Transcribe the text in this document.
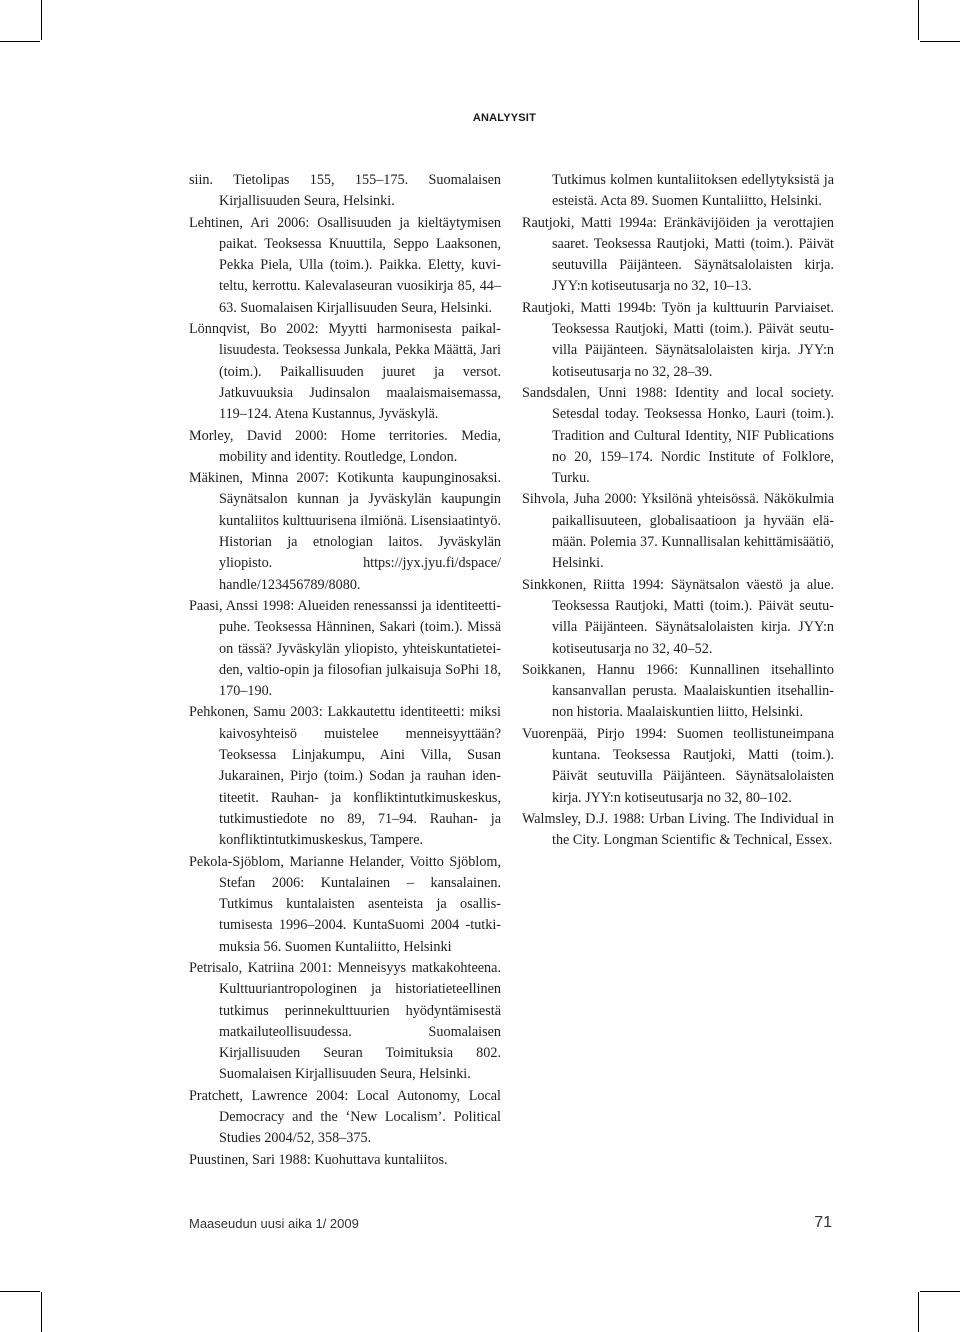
ANALYYSIT

siin. Tietolipas 155, 155–175. Suomalaisen Kirjallisuuden Seura, Helsinki.

Lehtinen, Ari 2006: Osallisuuden ja kieltäytymisen paikat. Teoksessa Knuuttila, Seppo Laaksonen, Pekka Piela, Ulla (toim.). Paikka. Eletty, kuviteltu, kerrottu. Kalevalaseuran vuosikirja 85, 44–63. Suomalaisen Kirjallisuuden Seura, Helsinki.

Lönnqvist, Bo 2002: Myytti harmonisesta paikallisuudesta. Teoksessa Junkala, Pekka Määttä, Jari (toim.). Paikallisuuden juuret ja versot. Jatkuvuuksia Judinsalon maalaismaisemassa, 119–124. Atena Kustannus, Jyväskylä.

Morley, David 2000: Home territories. Media, mobility and identity. Routledge, London.

Mäkinen, Minna 2007: Kotikunta kaupunginosaksi. Säynätsalon kunnan ja Jyväskylän kaupungin kuntaliitos kulttuurisena ilmiönä. Lisensiaatintyö. Historian ja etnologian laitos. Jyväskylän yliopisto. https://jyx.jyu.fi/dspace/ handle/123456789/8080.

Paasi, Anssi 1998: Alueiden renessanssi ja identiteettipuhe. Teoksessa Hänninen, Sakari (toim.). Missä on tässä? Jyväskylän yliopisto, yhteiskuntatieteiden, valtio-opin ja filosofian julkaisuja SoPhi 18, 170–190.

Pehkonen, Samu 2003: Lakkautettu identiteetti: miksi kaivosyhteisö muistelee menneisyyttään? Teoksessa Linjakumpu, Aini Villa, Susan Jukarainen, Pirjo (toim.) Sodan ja rauhan identiteetit. Rauhan- ja konfliktintutkimuskeskus, tutkimustiedote no 89, 71–94. Rauhan- ja konfliktintutkimuskeskus, Tampere.

Pekola-Sjöblom, Marianne Helander, Voitto Sjöblom, Stefan 2006: Kuntalainen – kansalainen. Tutkimus kuntalaisten asenteista ja osallistumisesta 1996–2004. KuntaSuomi 2004 -tutkimuksia 56. Suomen Kuntaliitto, Helsinki

Petrisalo, Katriina 2001: Menneisyys matkakohteena. Kulttuuriantropologinen ja historiatieteellinen tutkimus perinnekulttuurien hyödyntämisestä matkailuteollisuudessa. Suomalaisen Kirjallisuuden Seuran Toimituksia 802. Suomalaisen Kirjallisuuden Seura, Helsinki.

Pratchett, Lawrence 2004: Local Autonomy, Local Democracy and the ‘New Localism’. Political Studies 2004/52, 358–375.

Puustinen, Sari 1988: Kuohuttava kuntaliitos.

Tutkimus kolmen kuntaliitoksen edellytyksistä ja esteistä. Acta 89. Suomen Kuntaliitto, Helsinki.

Rautjoki, Matti 1994a: Eränkävijöiden ja verottajien saaret. Teoksessa Rautjoki, Matti (toim.). Päivät seutuvilla Päijänteen. Säynätsalolaisten kirja. JYY:n kotiseutusarja no 32, 10–13.

Rautjoki, Matti 1994b: Työn ja kulttuurin Parviaiset. Teoksessa Rautjoki, Matti (toim.). Päivät seutuvilla Päijänteen. Säynätsalolaisten kirja. JYY:n kotiseutusarja no 32, 28–39.

Sandsdalen, Unni 1988: Identity and local society. Setesdal today. Teoksessa Honko, Lauri (toim.). Tradition and Cultural Identity, NIF Publications no 20, 159–174. Nordic Institute of Folklore, Turku.

Sihvola, Juha 2000: Yksilönä yhteisössä. Näkökulmia paikallisuuteen, globalisaatioon ja hyvään elämään. Polemia 37. Kunnallisalan kehittämisäätiö, Helsinki.

Sinkkonen, Riitta 1994: Säynätsalon väestö ja alue. Teoksessa Rautjoki, Matti (toim.). Päivät seutuvilla Päijänteen. Säynätsalolaisten kirja. JYY:n kotiseutusarja no 32, 40–52.

Soikkanen, Hannu 1966: Kunnallinen itsehallinto kansanvallan perusta. Maalaiskuntien itsehallinnon historia. Maalaiskuntien liitto, Helsinki.

Vuorenpää, Pirjo 1994: Suomen teollistuneimpana kuntana. Teoksessa Rautjoki, Matti (toim.). Päivät seutuvilla Päijänteen. Säynätsalolaisten kirja. JYY:n kotiseutusarja no 32, 80–102.

Walmsley, D.J. 1988: Urban Living. The Individual in the City. Longman Scientific & Technical, Essex.

Maaseudun uusi aika 1/ 2009	71
